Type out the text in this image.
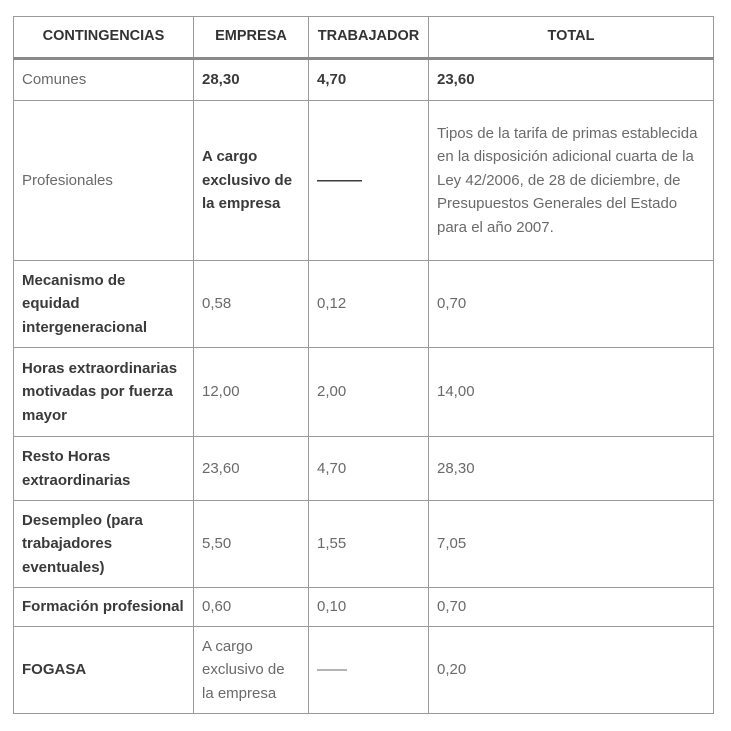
CONTINGENCIAS	EMPRESA	TRABAJADOR	TOTAL
Comunes	28,30	4,70	23,60
Profesionales	A cargo exclusivo de la empresa	———	Tipos de la tarifa de primas establecida en la disposición adicional cuarta de la Ley 42/2006, de 28 de diciembre, de Presupuestos Generales del Estado para el año 2007.
Mecanismo de equidad intergeneracional	0,58	0,12	0,70
Horas extraordinarias motivadas por fuerza mayor	12,00	2,00	14,00
Resto Horas extraordinarias	23,60	4,70	28,30
Desempleo (para trabajadores eventuales)	5,50	1,55	7,05
Formación profesional	0,60	0,10	0,70
FOGASA	A cargo exclusivo de la empresa	——	0,20
